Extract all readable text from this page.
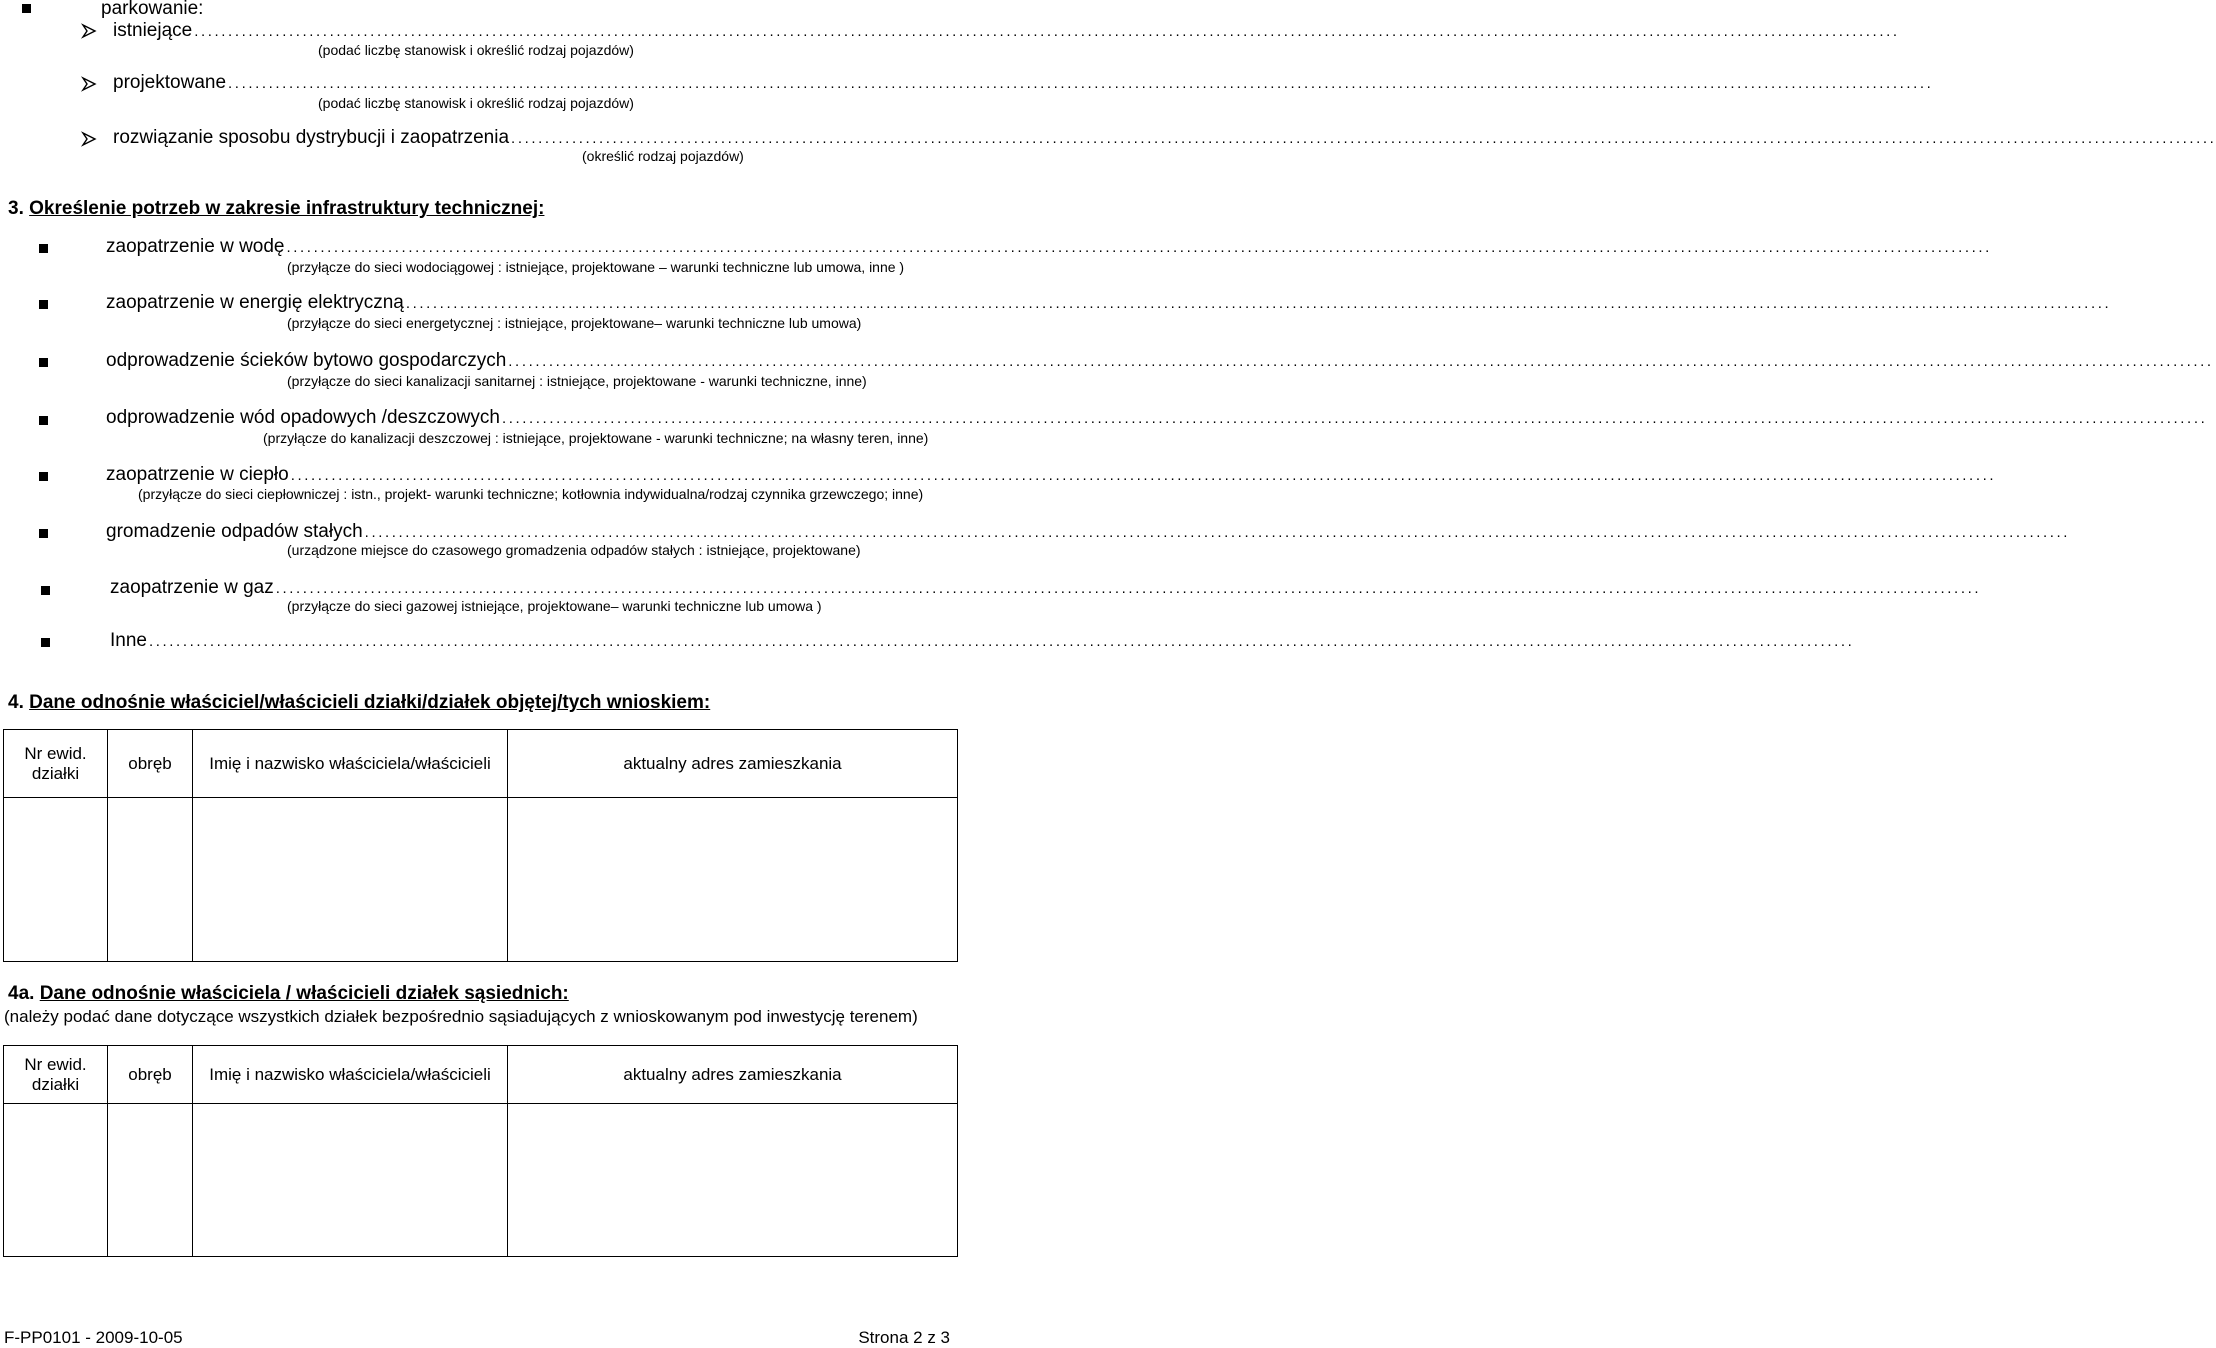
parkowanie:
istniejące ............................................................................................................................................................................................................................................................
(podać liczbę stanowisk i określić rodzaj pojazdów)
projektowane ............................................................................................................................................................................................................................................................
(podać liczbę stanowisk i określić rodzaj pojazdów)
rozwiązanie sposobu dystrybucji i zaopatrzenia ............................................................................................................................................................................................................................................................
(określić rodzaj pojazdów)
3. Określenie potrzeb w zakresie infrastruktury technicznej:
zaopatrzenie w wodę ............................................................................................................................................................................................................................................................
(przyłącze do sieci wodociągowej : istniejące, projektowane – warunki techniczne lub umowa, inne )
zaopatrzenie w energię elektryczną ............................................................................................................................................................................................................................................................
(przyłącze do sieci energetycznej : istniejące, projektowane– warunki techniczne lub umowa)
odprowadzenie ścieków bytowo gospodarczych ............................................................................................................................................................................................................................................................
(przyłącze do sieci kanalizacji sanitarnej : istniejące, projektowane - warunki techniczne, inne)
odprowadzenie wód opadowych /deszczowych ............................................................................................................................................................................................................................................................
(przyłącze do kanalizacji deszczowej : istniejące, projektowane - warunki techniczne; na własny teren, inne)
zaopatrzenie w ciepło ............................................................................................................................................................................................................................................................
(przyłącze do sieci ciepłowniczej : istn., projekt- warunki techniczne; kotłownia indywidualna/rodzaj czynnika grzewczego; inne)
gromadzenie odpadów stałych ............................................................................................................................................................................................................................................................
(urządzone miejsce do czasowego gromadzenia odpadów stałych : istniejące, projektowane)
zaopatrzenie w gaz ............................................................................................................................................................................................................................................................
(przyłącze do sieci gazowej istniejące, projektowane– warunki techniczne lub umowa )
Inne ............................................................................................................................................................................................................................................................
4. Dane odnośnie właściciel/właścicieli działki/działek objętej/tych wnioskiem:
Nr ewid. działki	obręb	Imię i nazwisko właściciela/właścicieli	aktualny adres zamieszkania

4a. Dane odnośnie właściciela / właścicieli działek sąsiednich:
(należy podać dane dotyczące wszystkich działek bezpośrednio sąsiadujących z wnioskowanym pod inwestycję terenem)
Nr ewid. działki	obręb	Imię i nazwisko właściciela/właścicieli	aktualny adres zamieszkania

F-PP0101 - 2009-10-05	Strona 2 z 3
